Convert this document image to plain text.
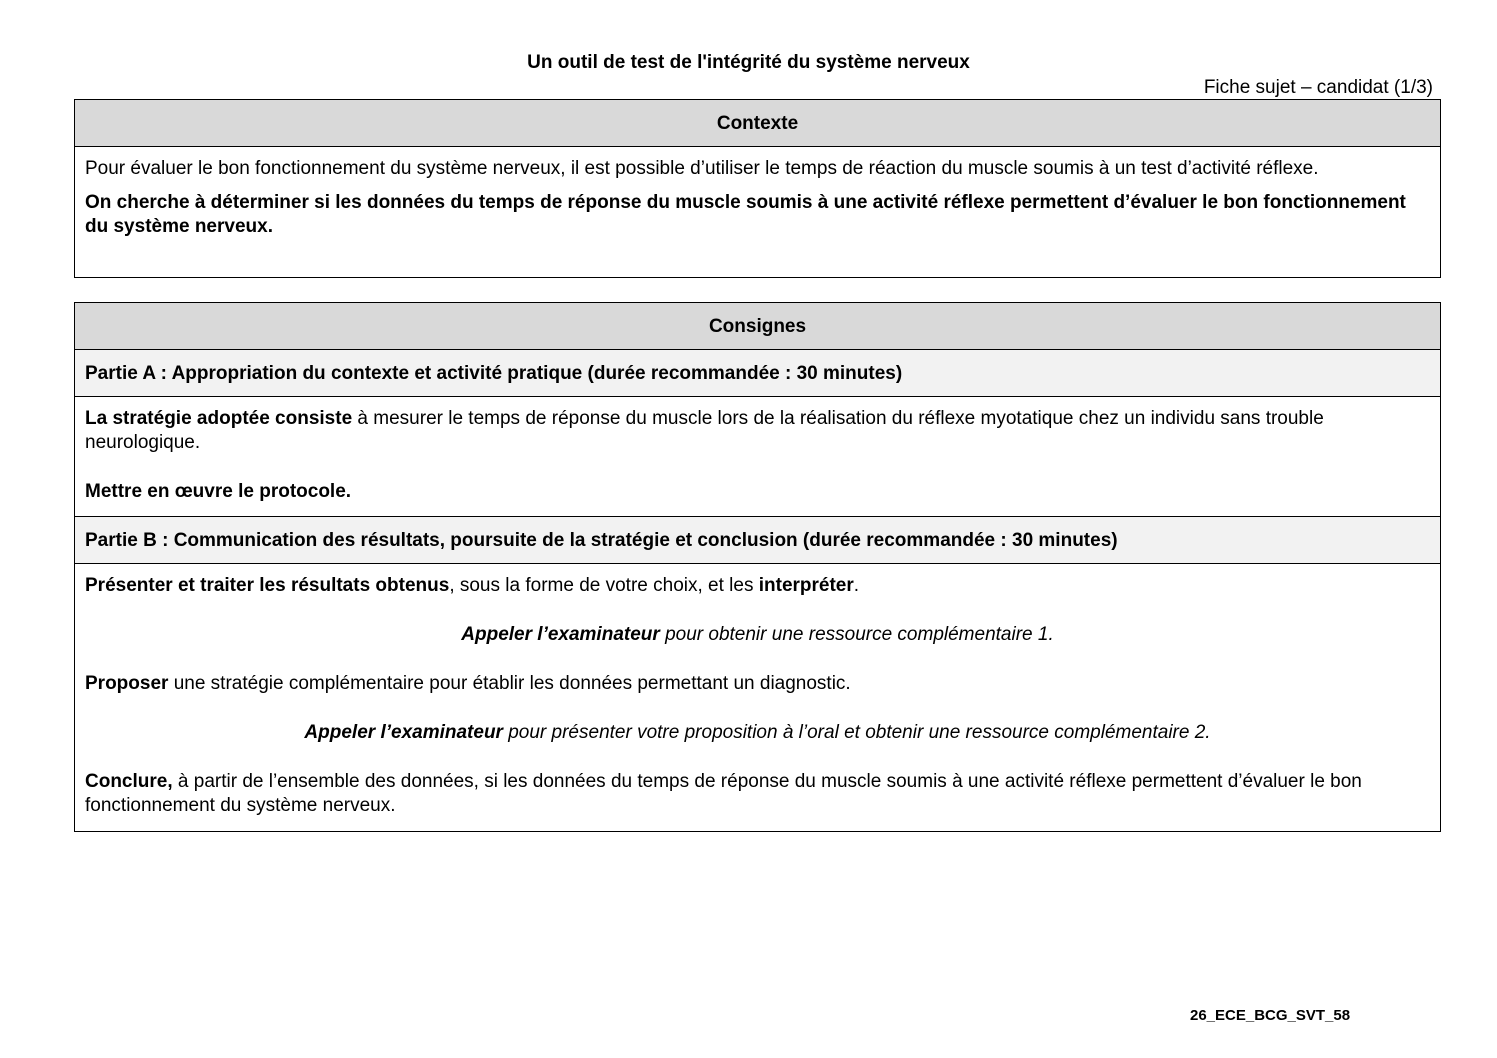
Un outil de test de l'intégrité du système nerveux
Fiche sujet – candidat (1/3)
Contexte

Pour évaluer le bon fonctionnement du système nerveux, il est possible d’utiliser le temps de réaction du muscle soumis à un test d’activité réflexe.

On cherche à déterminer si les données du temps de réponse du muscle soumis à une activité réflexe permettent d’évaluer le bon fonctionnement du système nerveux.

Consignes
Partie A : Appropriation du contexte et activité pratique (durée recommandée : 30 minutes)

La stratégie adoptée consiste à mesurer le temps de réponse du muscle lors de la réalisation du réflexe myotatique chez un individu sans trouble neurologique.

Mettre en œuvre le protocole.

Partie B : Communication des résultats, poursuite de la stratégie et conclusion (durée recommandée : 30 minutes)

Présenter et traiter les résultats obtenus, sous la forme de votre choix, et les interpréter.

Appeler l’examinateur pour obtenir une ressource complémentaire 1.

Proposer une stratégie complémentaire pour établir les données permettant un diagnostic.

Appeler l’examinateur pour présenter votre proposition à l’oral et obtenir une ressource complémentaire 2.

Conclure, à partir de l’ensemble des données, si les données du temps de réponse du muscle soumis à une activité réflexe permettent d’évaluer le bon fonctionnement du système nerveux.

26_ECE_BCG_SVT_58
